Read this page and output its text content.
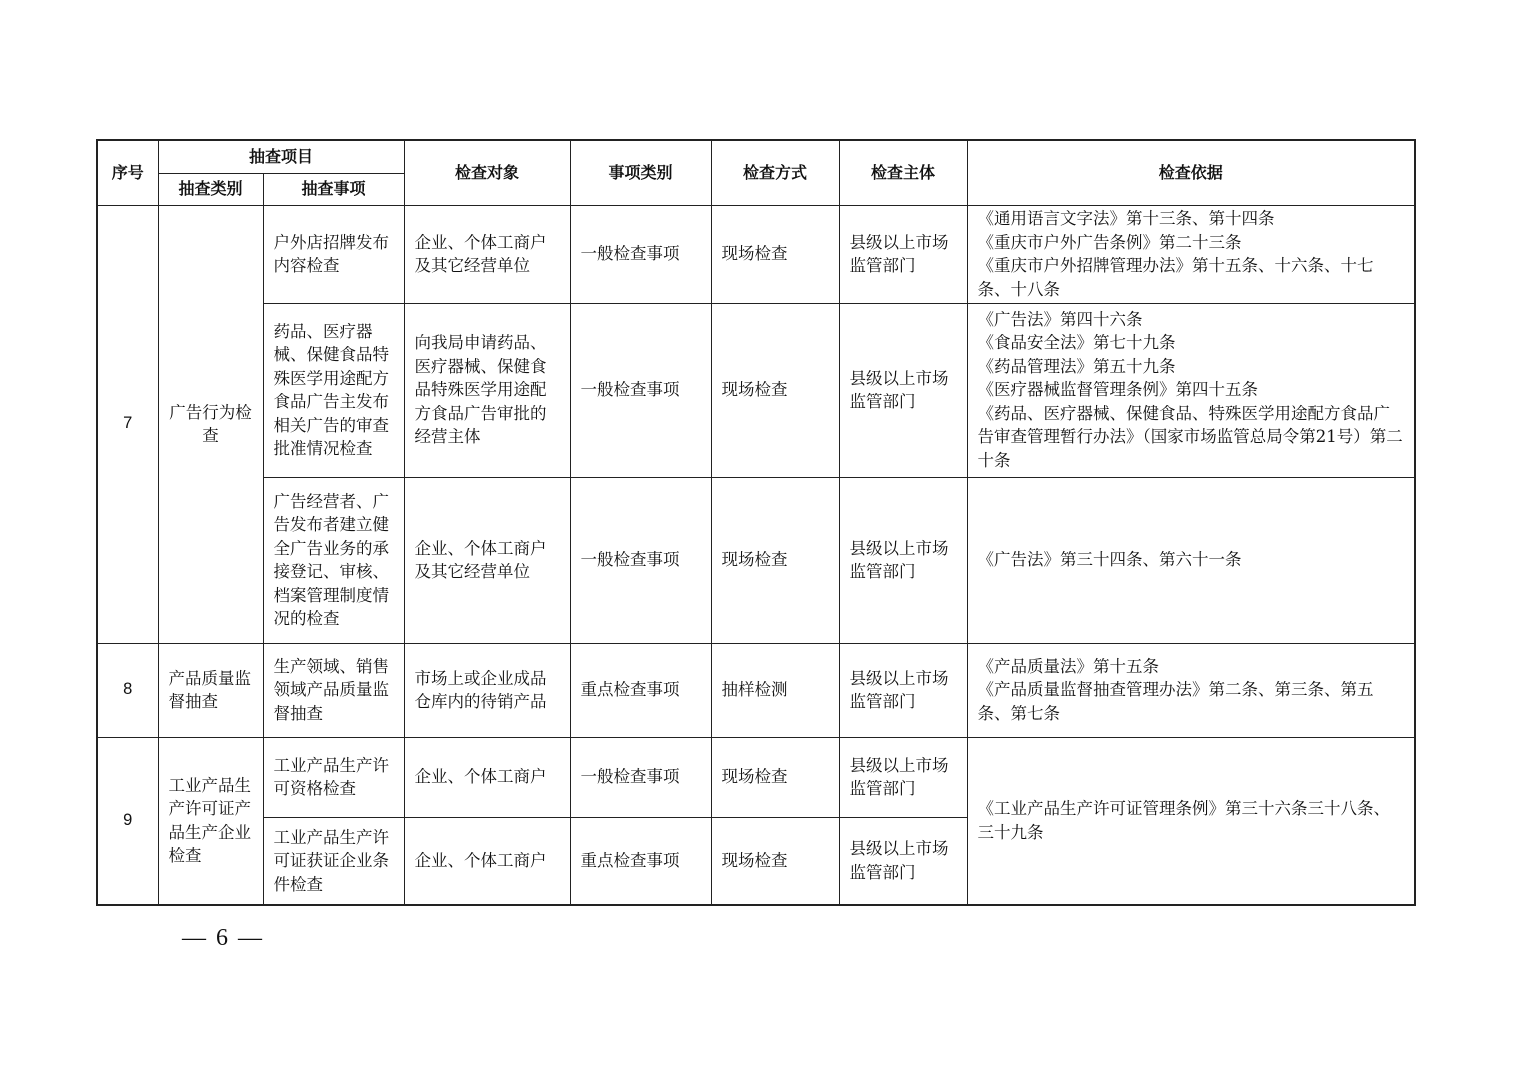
序号	抽查项目		检查对象	事项类别	检查方式	检查主体	检查依据
	抽查类别	抽查事项					
7	广告行为检查	户外店招牌发布内容检查	企业、个体工商户及其它经营单位	一般检查事项	现场检查	县级以上市场监管部门	《通用语言文字法》第十三条、第十四条
《重庆市户外广告条例》第二十三条
《重庆市户外招牌管理办法》第十五条、十六条、十七条、十八条

		药品、医疗器械、保健食品特殊医学用途配方食品广告主发布相关广告的审查批准情况检查	向我局申请药品、医疗器械、保健食品特殊医学用途配方食品广告审批的经营主体	一般检查事项	现场检查	县级以上市场监管部门	《广告法》第四十六条
《食品安全法》第七十九条
《药品管理法》第五十九条
《医疗器械监督管理条例》第四十五条
《药品、医疗器械、保健食品、特殊医学用途配方食品广告审查管理暂行办法》（国家市场监管总局令第21号）第二十条

		广告经营者、广告发布者建立健全广告业务的承接登记、审核、档案管理制度情况的检查	企业、个体工商户及其它经营单位	一般检查事项	现场检查	县级以上市场监管部门	《广告法》第三十四条、第六十一条

8	产品质量监督抽查	生产领域、销售领域产品质量监督抽查	市场上或企业成品仓库内的待销产品	重点检查事项	抽样检测	县级以上市场监管部门	《产品质量法》第十五条
《产品质量监督抽查管理办法》第二条、第三条、第五条、第七条

9	工业产品生产许可证产品生产企业检查	工业产品生产许可资格检查	企业、个体工商户	一般检查事项	现场检查	县级以上市场监管部门	《工业产品生产许可证管理条例》第三十六条三十八条、三十九条
		工业产品生产许可证获证企业条件检查	企业、个体工商户	重点检查事项	现场检查	县级以上市场监管部门	
— 6 —
